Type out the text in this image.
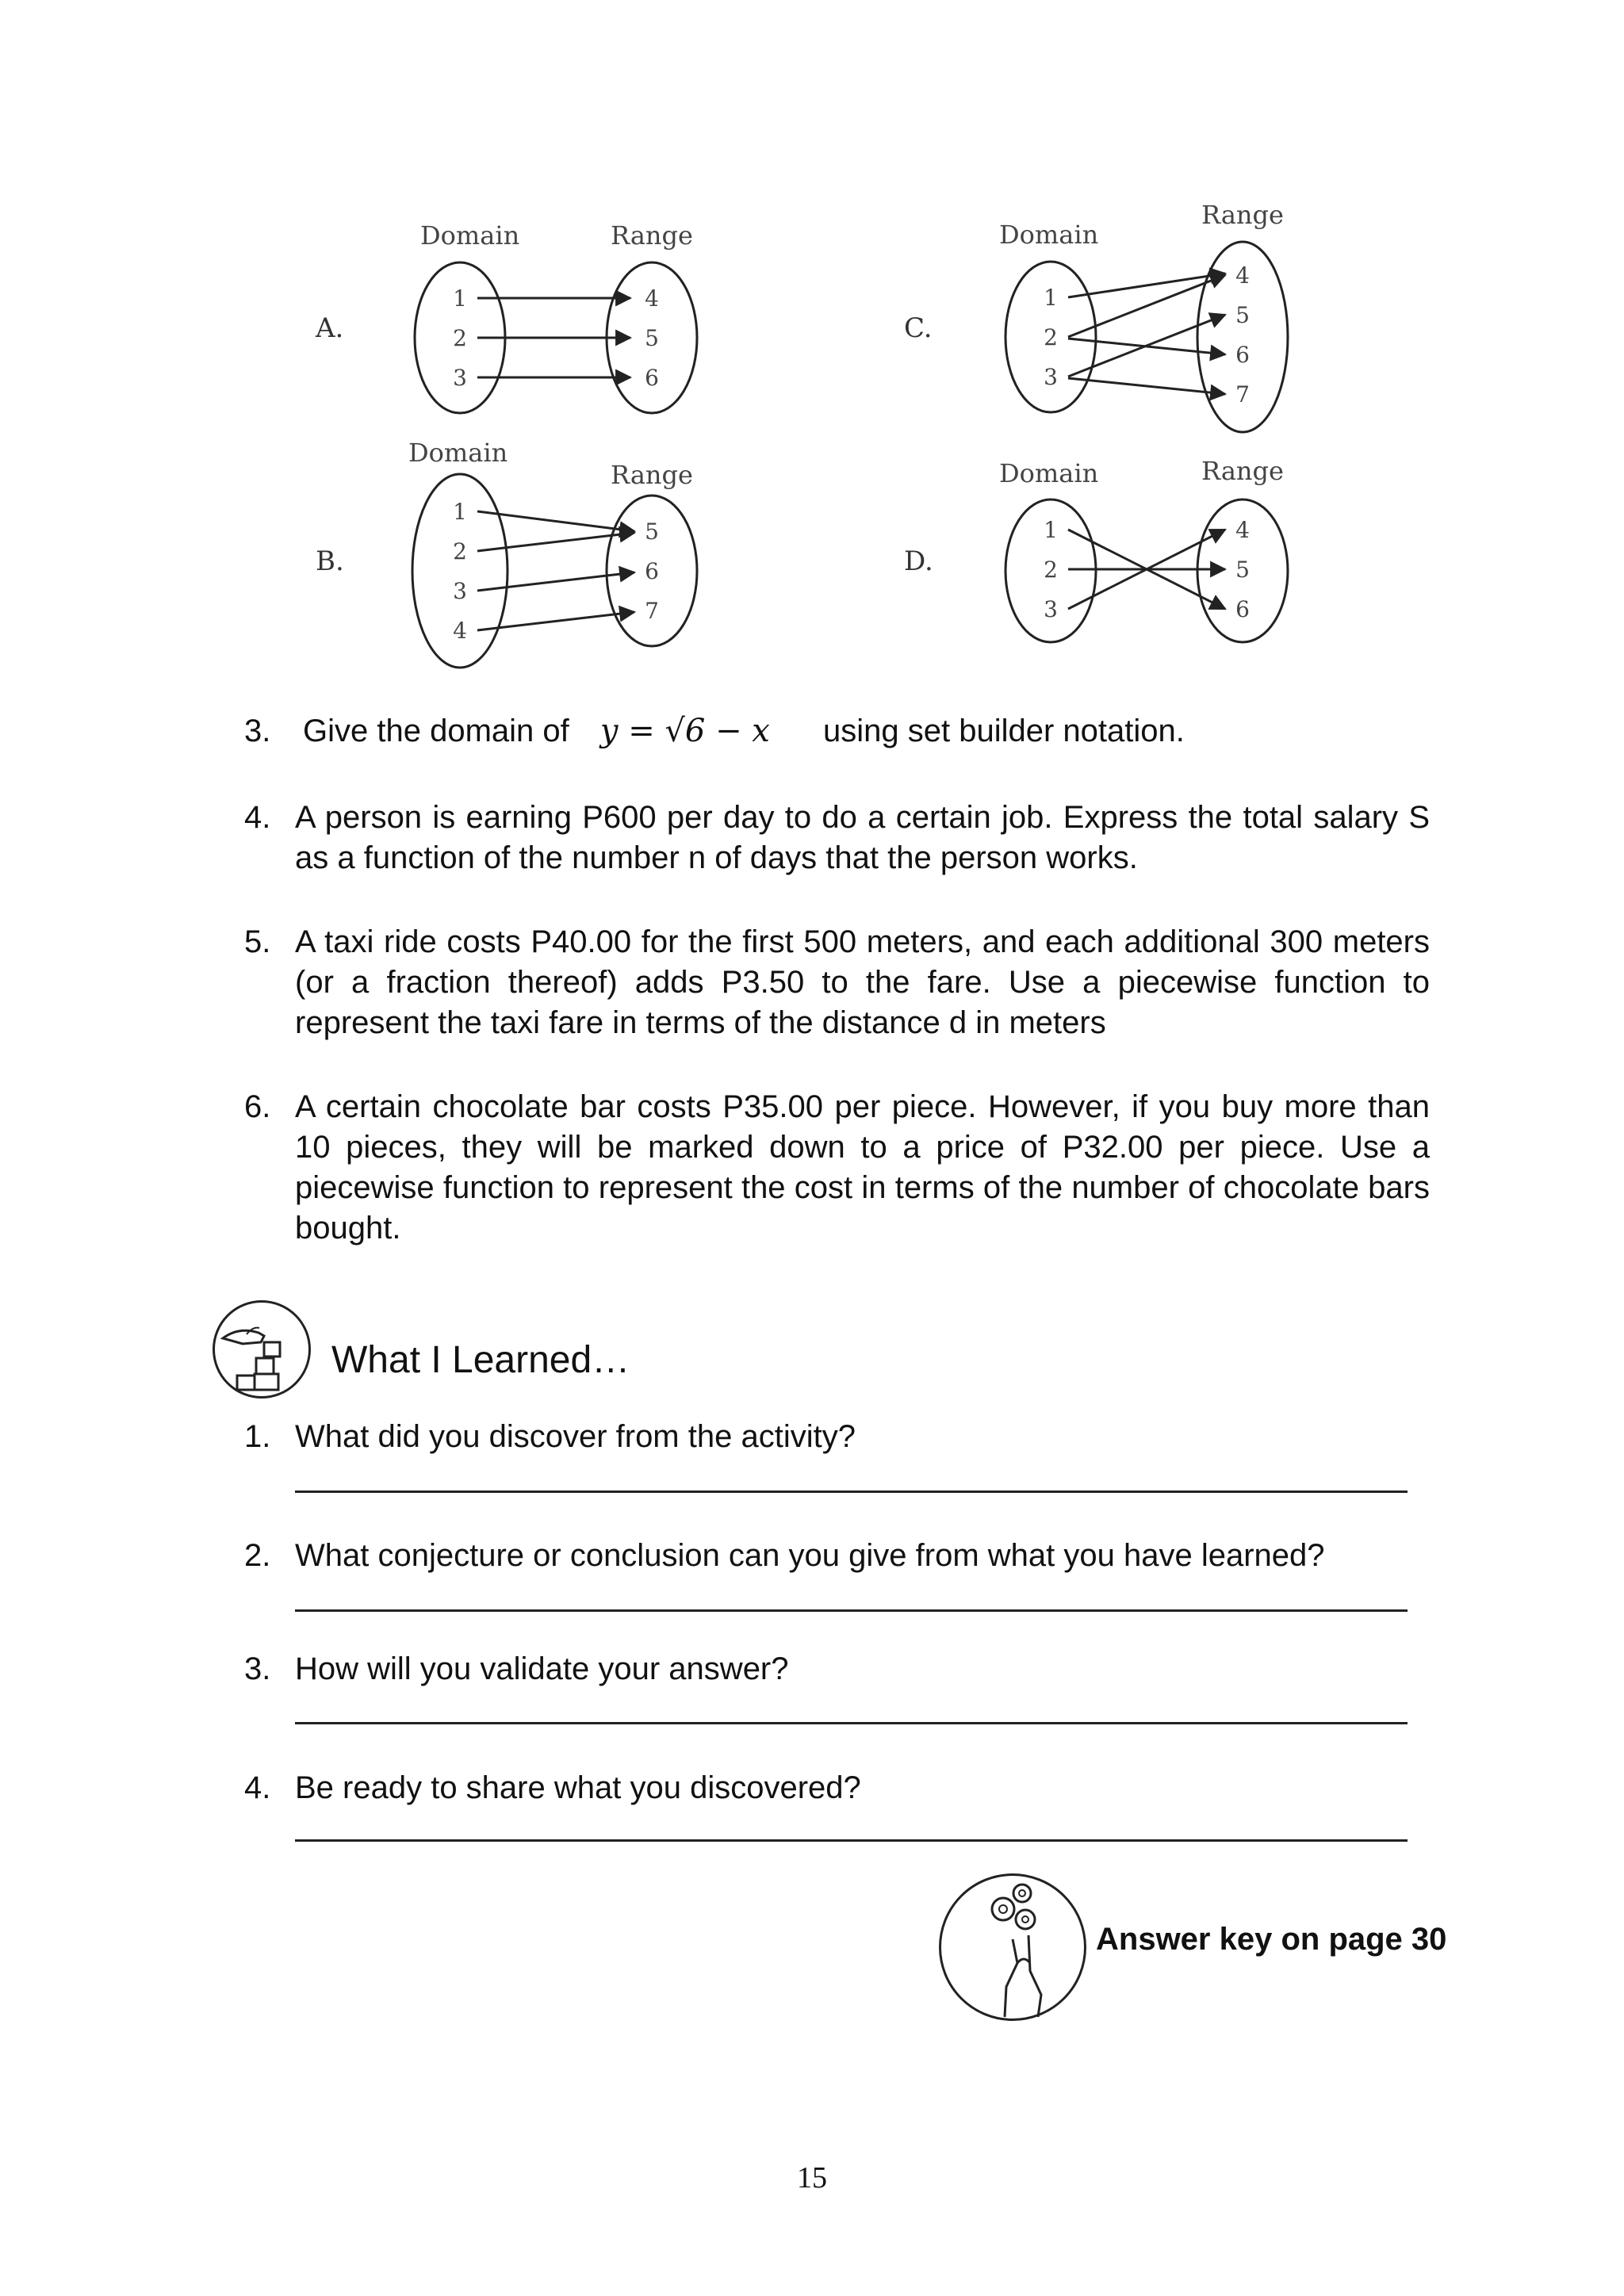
A.
Domain	Range
1
2
3
4
5
6
B.
Domain
Range
1
2
3
4
5
6
7
C.
Domain
Range
1
2
3
4
5
6
7
D.
Domain	Range
1
2
3
4
5
6
3. Give the domain of y = √6 − x using set builder notation.
4. A person is earning P600 per day to do a certain job. Express the total salary S as a function of the number n of days that the person works.
5. A taxi ride costs P40.00 for the first 500 meters, and each additional 300 meters (or a fraction thereof) adds P3.50 to the fare. Use a piecewise function to represent the taxi fare in terms of the distance d in meters
6. A certain chocolate bar costs P35.00 per piece. However, if you buy more than 10 pieces, they will be marked down to a price of P32.00 per piece. Use a piecewise function to represent the cost in terms of the number of chocolate bars bought.
What I Learned…
1. What did you discover from the activity?
2. What conjecture or conclusion can you give from what you have learned?
3. How will you validate your answer?
4. Be ready to share what you discovered?
Answer key on page 30
15
